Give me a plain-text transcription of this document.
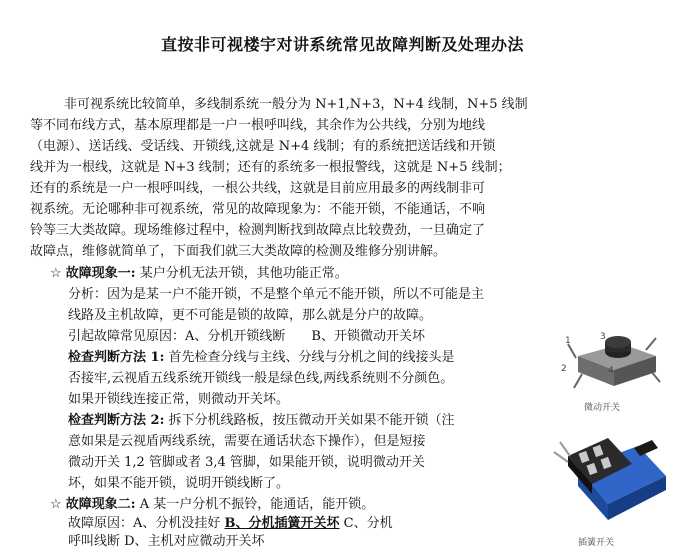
直按非可视楼宇对讲系统常见故障判断及处理办法
非可视系统比较简单，多线制系统一般分为 N+1,N+3，N+4 线制，N+5 线制
等不同布线方式，基本原理都是一户一根呼叫线，其余作为公共线，分别为地线
（电源）、送话线、受话线、开锁线,这就是 N+4 线制；有的系统把送话线和开锁
线并为一根线，这就是 N+3 线制；还有的系统多一根报警线，这就是 N+5 线制；
还有的系统是一户一根呼叫线，一根公共线，这就是目前应用最多的两线制非可
视系统。无论哪种非可视系统，常见的故障现象为：不能开锁，不能通话，不响
铃等三大类故障。现场维修过程中，检测判断找到故障点比较费劲，一旦确定了
故障点，维修就简单了，下面我们就三大类故障的检测及维修分别讲解。
☆ 故障现象一: 某户分机无法开锁，其他功能正常。
分析：因为是某一户不能开锁，不是整个单元不能开锁，所以不可能是主
线路及主机故障，更不可能是锁的故障，那么就是分户的故障。
引起故障常见原因：A、分机开锁线断　　B、开锁微动开关坏
检查判断方法 1: 首先检查分线与主线、分线与分机之间的线接头是
否接牢,云视盾五线系统开锁线一般是绿色线,两线系统则不分颜色。
如果开锁线连接正常，则微动开关坏。
检查判断方法 2: 拆下分机线路板，按压微动开关如果不能开锁（注
意如果是云视盾两线系统，需要在通话状态下操作），但是短接
微动开关 1,2 管脚或者 3,4 管脚，如果能开锁，说明微动开关
坏，如果不能开锁，说明开锁线断了。
☆ 故障现象二: A 某一户分机不振铃，能通话，能开锁。
故障原因：A、分机没挂好 B、分机插簧开关坏 C、分机
呼叫线断 D、主机对应微动开关坏
1
2
3
4
微动开关
插簧开关
